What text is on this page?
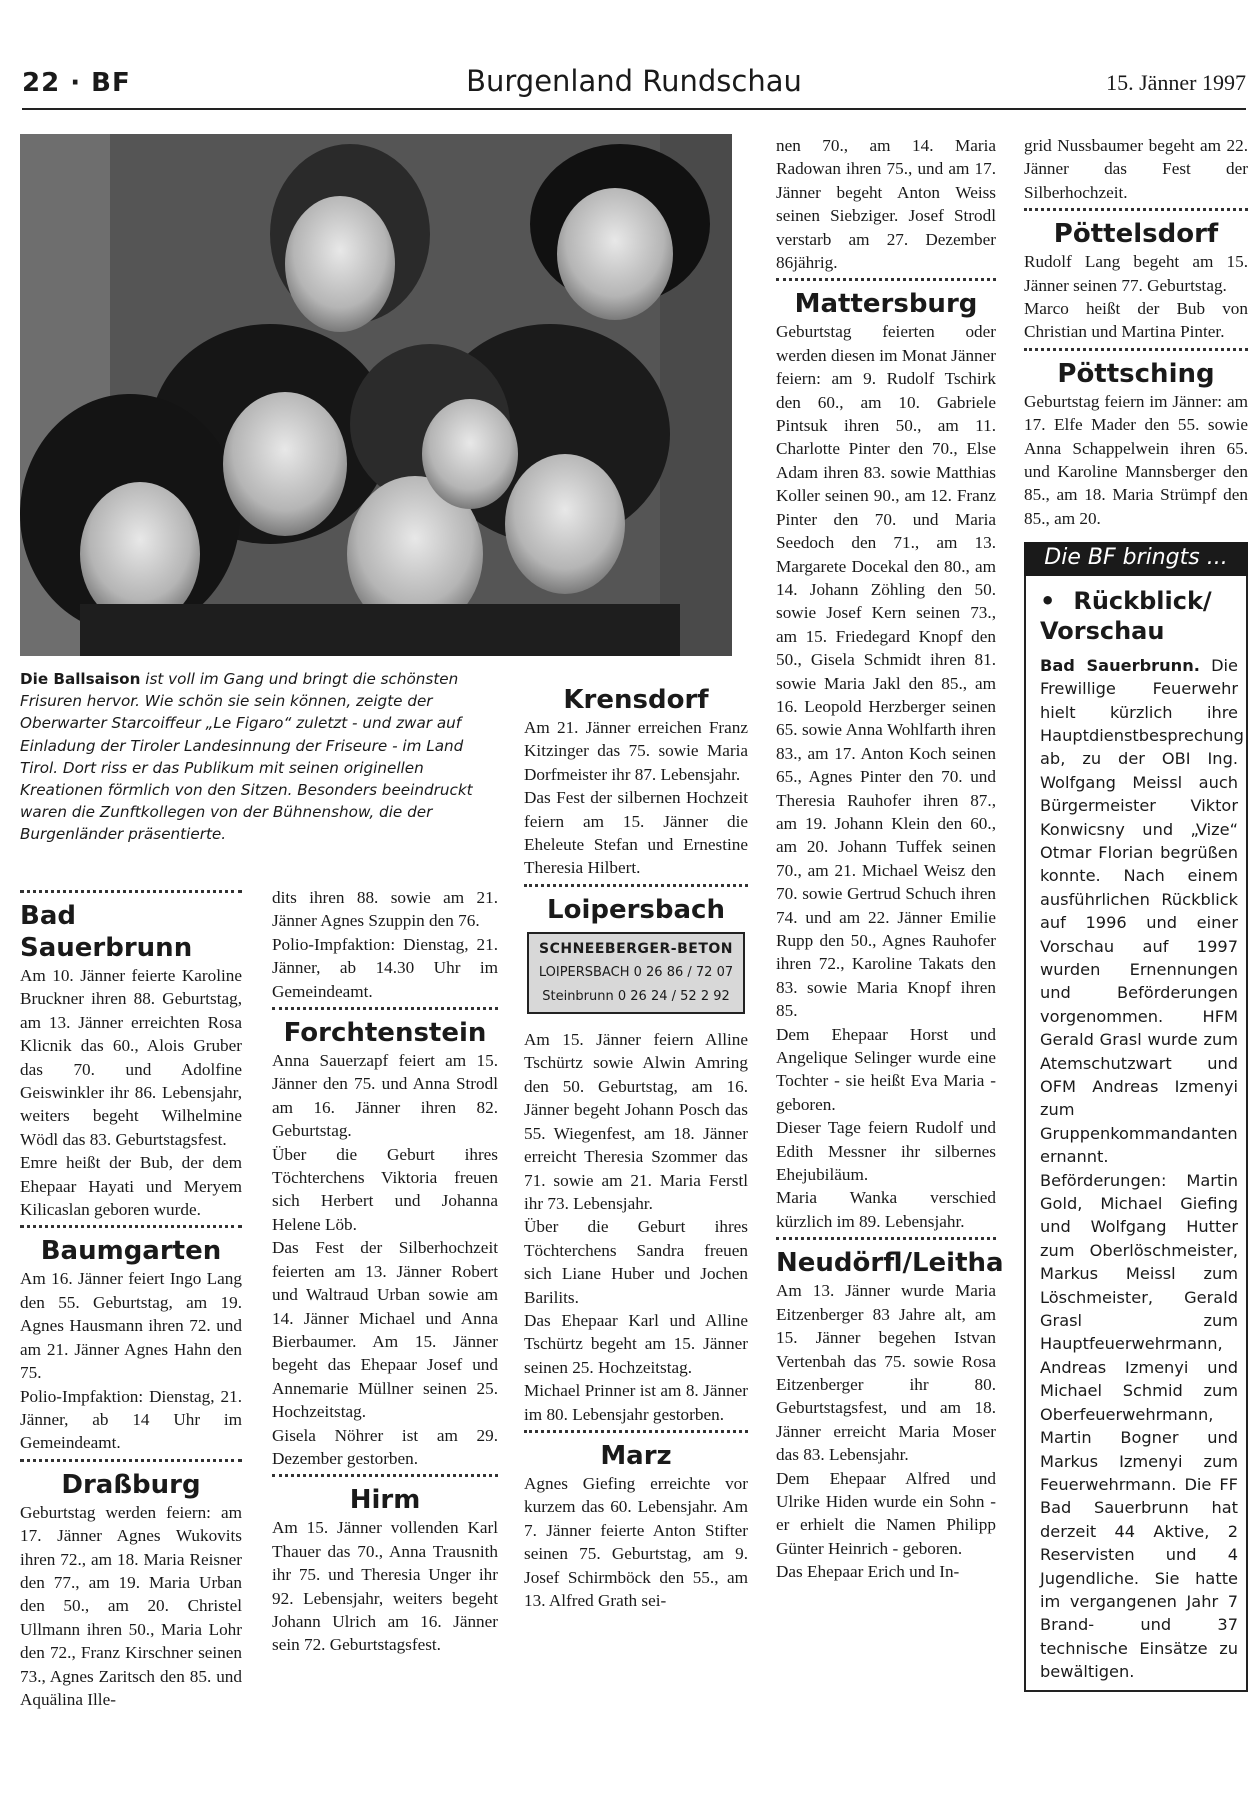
22 · BF	Burgenland Rundschau	15. Jänner 1997
Die Ballsaison ist voll im Gang und bringt die schönsten Frisuren hervor. Wie schön sie sein können, zeigte der Oberwarter Starcoiffeur „Le Figaro“ zuletzt - und zwar auf Einladung der Tiroler Landesinnung der Friseure - im Land Tirol. Dort riss er das Publikum mit seinen originellen Kreationen förmlich von den Sitzen. Besonders beeindruckt waren die Zunftkollegen von der Bühnenshow, die der Burgenländer präsentierte.
Bad Sauerbrunn

Am 10. Jänner feierte Karoline Bruckner ihren 88. Geburtstag, am 13. Jänner erreichten Rosa Klicnik das 60., Alois Gruber das 70. und Adolfine Geiswinkler ihr 86. Lebensjahr, weiters begeht Wilhelmine Wödl das 83. Geburtstagsfest.

Emre heißt der Bub, der dem Ehepaar Hayati und Meryem Kilicaslan geboren wurde.

Baumgarten

Am 16. Jänner feiert Ingo Lang den 55. Geburtstag, am 19. Agnes Hausmann ihren 72. und am 21. Jänner Agnes Hahn den 75.

Polio-Impfaktion: Dienstag, 21. Jänner, ab 14 Uhr im Gemeindeamt.

Draßburg

Geburtstag werden feiern: am 17. Jänner Agnes Wukovits ihren 72., am 18. Maria Reisner den 77., am 19. Maria Urban den 50., am 20. Christel Ullmann ihren 50., Maria Lohr den 72., Franz Kirschner seinen 73., Agnes Zaritsch den 85. und Aquälina Ille-

dits ihren 88. sowie am 21. Jänner Agnes Szuppin den 76.

Polio-Impfaktion: Dienstag, 21. Jänner, ab 14.30 Uhr im Gemeindeamt.

Forchtenstein

Anna Sauerzapf feiert am 15. Jänner den 75. und Anna Strodl am 16. Jänner ihren 82. Geburtstag.

Über die Geburt ihres Töchterchens Viktoria freuen sich Herbert und Johanna Helene Löb.

Das Fest der Silberhochzeit feierten am 13. Jänner Robert und Waltraud Urban sowie am 14. Jänner Michael und Anna Bierbaumer. Am 15. Jänner begeht das Ehepaar Josef und Annemarie Müllner seinen 25. Hochzeitstag.

Gisela Nöhrer ist am 29. Dezember gestorben.

Hirm

Am 15. Jänner vollenden Karl Thauer das 70., Anna Trausnith ihr 75. und Theresia Unger ihr 92. Lebensjahr, weiters begeht Johann Ulrich am 16. Jänner sein 72. Geburtstagsfest.

Krensdorf

Am 21. Jänner erreichen Franz Kitzinger das 75. sowie Maria Dorfmeister ihr 87. Lebensjahr.

Das Fest der silbernen Hochzeit feiern am 15. Jänner die Eheleute Stefan und Ernestine Theresia Hilbert.

Loipersbach
SCHNEEBERGER-BETON
LOIPERSBACH 0 26 86 / 72 07
Steinbrunn 0 26 24 / 52 2 92

Am 15. Jänner feiern Alline Tschürtz sowie Alwin Amring den 50. Geburtstag, am 16. Jänner begeht Johann Posch das 55. Wiegenfest, am 18. Jänner erreicht Theresia Szommer das 71. sowie am 21. Maria Ferstl ihr 73. Lebensjahr.

Über die Geburt ihres Töchterchens Sandra freuen sich Liane Huber und Jochen Barilits.

Das Ehepaar Karl und Alline Tschürtz begeht am 15. Jänner seinen 25. Hochzeitstag.

Michael Prinner ist am 8. Jänner im 80. Lebensjahr gestorben.

Marz

Agnes Giefing erreichte vor kurzem das 60. Lebensjahr. Am 7. Jänner feierte Anton Stifter seinen 75. Geburtstag, am 9. Josef Schirmböck den 55., am 13. Alfred Grath sei-

nen 70., am 14. Maria Radowan ihren 75., und am 17. Jänner begeht Anton Weiss seinen Siebziger. Josef Strodl verstarb am 27. Dezember 86jährig.

Mattersburg

Geburtstag feierten oder werden diesen im Monat Jänner feiern: am 9. Rudolf Tschirk den 60., am 10. Gabriele Pintsuk ihren 50., am 11. Charlotte Pinter den 70., Else Adam ihren 83. sowie Matthias Koller seinen 90., am 12. Franz Pinter den 70. und Maria Seedoch den 71., am 13. Margarete Docekal den 80., am 14. Johann Zöhling den 50. sowie Josef Kern seinen 73., am 15. Friedegard Knopf den 50., Gisela Schmidt ihren 81. sowie Maria Jakl den 85., am 16. Leopold Herzberger seinen 65. sowie Anna Wohlfarth ihren 83., am 17. Anton Koch seinen 65., Agnes Pinter den 70. und Theresia Rauhofer ihren 87., am 19. Johann Klein den 60., am 20. Johann Tuffek seinen 70., am 21. Michael Weisz den 70. sowie Gertrud Schuch ihren 74. und am 22. Jänner Emilie Rupp den 50., Agnes Rauhofer ihren 72., Karoline Takats den 83. sowie Maria Knopf ihren 85.

Dem Ehepaar Horst und Angelique Selinger wurde eine Tochter - sie heißt Eva Maria - geboren.

Dieser Tage feiern Rudolf und Edith Messner ihr silbernes Ehejubiläum.

Maria Wanka verschied kürzlich im 89. Lebensjahr.

Neudörfl/Leitha

Am 13. Jänner wurde Maria Eitzenberger 83 Jahre alt, am 15. Jänner begehen Istvan Vertenbah das 75. sowie Rosa Eitzenberger ihr 80. Geburtstagsfest, und am 18. Jänner erreicht Maria Moser das 83. Lebensjahr.

Dem Ehepaar Alfred und Ulrike Hiden wurde ein Sohn - er erhielt die Namen Philipp Günter Heinrich - geboren.

Das Ehepaar Erich und In-

grid Nussbaumer begeht am 22. Jänner das Fest der Silberhochzeit.

Pöttelsdorf

Rudolf Lang begeht am 15. Jänner seinen 77. Geburtstag.

Marco heißt der Bub von Christian und Martina Pinter.

Pöttsching

Geburtstag feiern im Jänner: am 17. Elfe Mader den 55. sowie Anna Schappelwein ihren 65. und Karoline Mannsberger den 85., am 18. Maria Strümpf den 85., am 20.

Die BF bringts ...
• Rückblick/ Vorschau

Bad Sauerbrunn. Die Frewillige Feuerwehr hielt kürzlich ihre Hauptdienstbesprechung ab, zu der OBI Ing. Wolfgang Meissl auch Bürgermeister Viktor Konwicsny und „Vize“ Otmar Florian begrüßen konnte. Nach einem ausführlichen Rückblick auf 1996 und einer Vorschau auf 1997 wurden Ernennungen und Beförderungen vorgenommen. HFM Gerald Grasl wurde zum Atemschutzwart und OFM Andreas Izmenyi zum Gruppenkommandanten ernannt. Beförderungen: Martin Gold, Michael Giefing und Wolfgang Hutter zum Oberlöschmeister, Markus Meissl zum Löschmeister, Gerald Grasl zum Hauptfeuerwehrmann, Andreas Izmenyi und Michael Schmid zum Oberfeuerwehrmann, Martin Bogner und Markus Izmenyi zum Feuerwehrmann. Die FF Bad Sauerbrunn hat derzeit 44 Aktive, 2 Reservisten und 4 Jugendliche. Sie hatte im vergangenen Jahr 7 Brand- und 37 technische Einsätze zu bewältigen.
